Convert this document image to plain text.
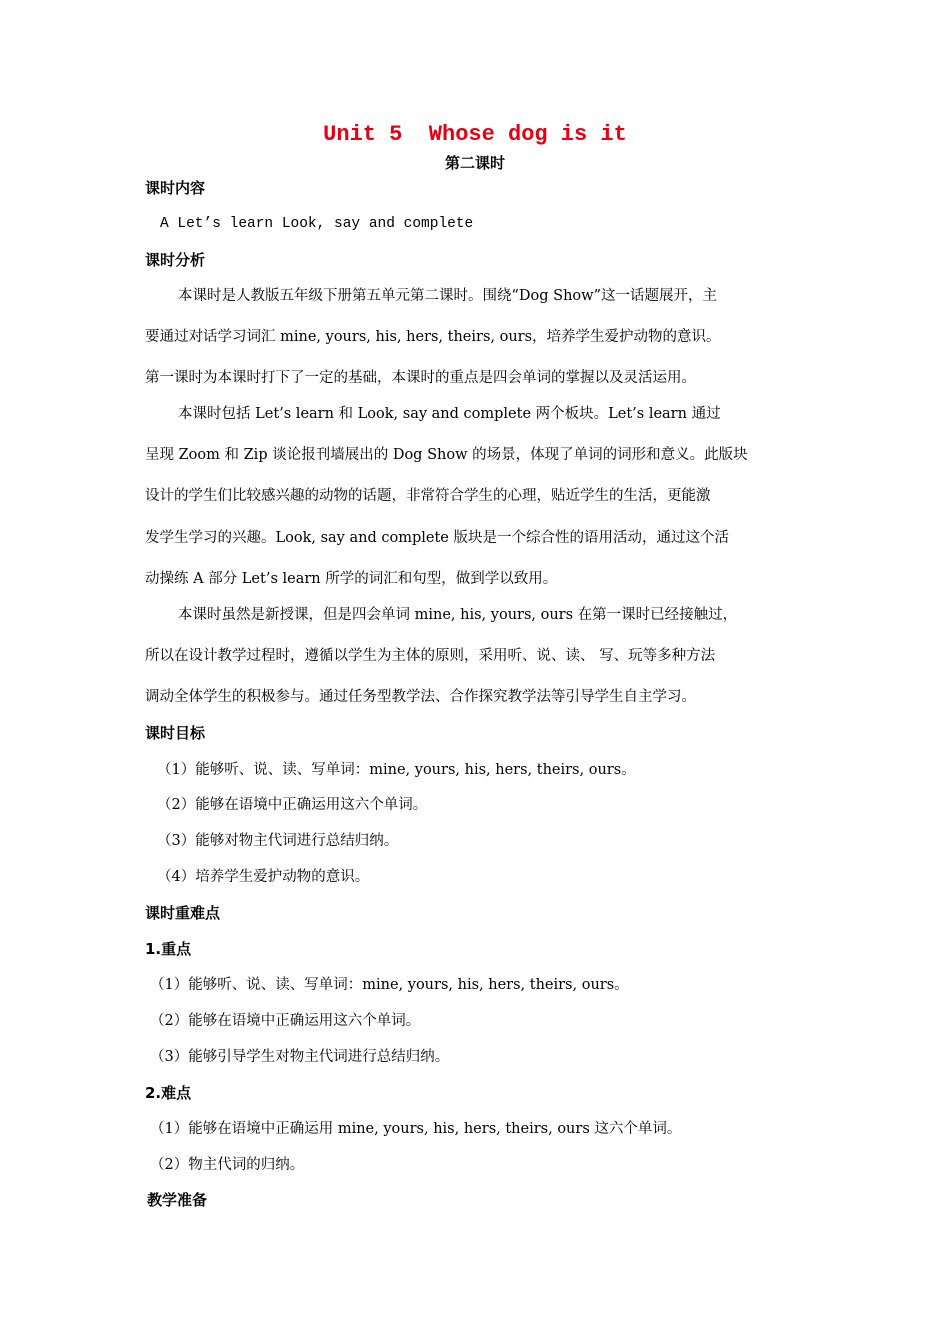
Unit 5  Whose dog is it
第二课时
课时内容
A Let’s learn Look, say and complete
课时分析
本课时是人教版五年级下册第五单元第二课时。围绕“Dog Show”这一话题展开，主
要通过对话学习词汇 mine, yours, his, hers, theirs, ours，培养学生爱护动物的意识。
第一课时为本课时打下了一定的基础，本课时的重点是四会单词的掌握以及灵活运用。
本课时包括 Let’s learn 和 Look, say and complete 两个板块。Let’s learn 通过
呈现 Zoom 和 Zip 谈论报刊墙展出的 Dog Show 的场景，体现了单词的词形和意义。此版块
设计的学生们比较感兴趣的动物的话题，非常符合学生的心理，贴近学生的生活，更能激
发学生学习的兴趣。Look, say and complete 版块是一个综合性的语用活动，通过这个活
动操练 A 部分 Let’s learn 所学的词汇和句型，做到学以致用。
本课时虽然是新授课，但是四会单词 mine, his, yours, ours 在第一课时已经接触过，
所以在设计教学过程时，遵循以学生为主体的原则，采用听、说、读、 写、玩等多种方法
调动全体学生的积极参与。通过任务型教学法、合作探究教学法等引导学生自主学习。
课时目标
（1）能够听、说、读、写单词：mine, yours, his, hers, theirs, ours。
（2）能够在语境中正确运用这六个单词。
（3）能够对物主代词进行总结归纳。
（4）培养学生爱护动物的意识。
课时重难点
1.重点
（1）能够听、说、读、写单词：mine, yours, his, hers, theirs, ours。
（2）能够在语境中正确运用这六个单词。
（3）能够引导学生对物主代词进行总结归纳。
2.难点
（1）能够在语境中正确运用 mine, yours, his, hers, theirs, ours 这六个单词。
（2）物主代词的归纳。
教学准备
